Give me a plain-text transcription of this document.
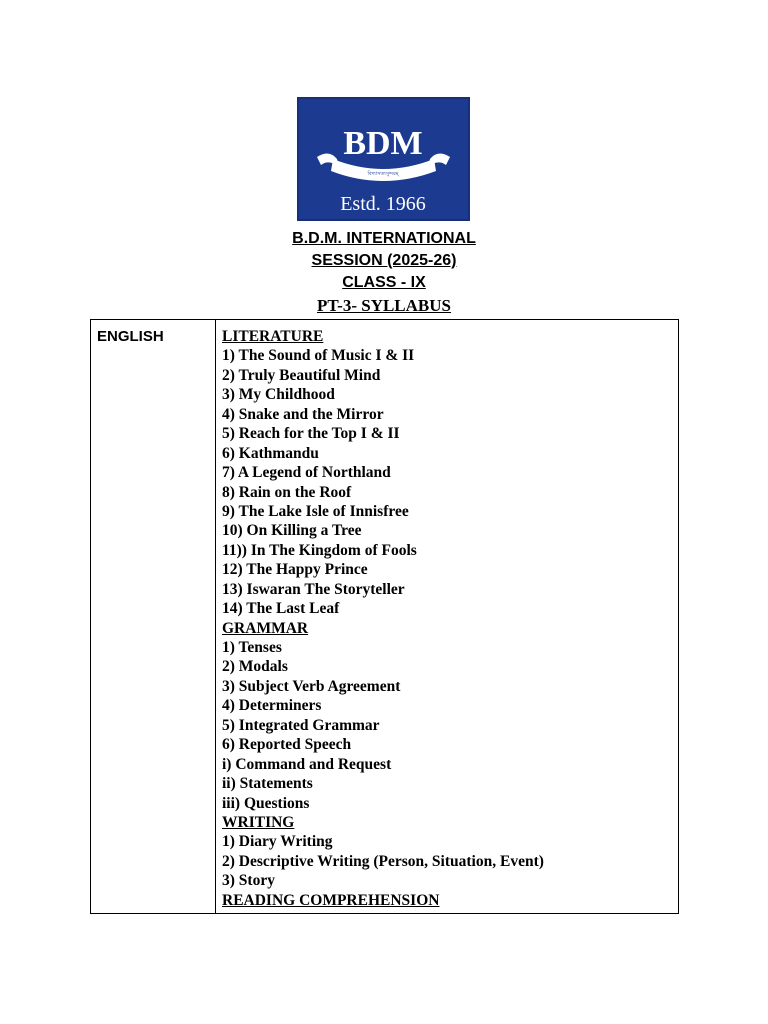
BDM
বিদ্যাসত্যসুন্দরম্
Estd. 1966
B.D.M. INTERNATIONAL
SESSION (2025-26)
CLASS - IX
PT-3- SYLLABUS
ENGLISH	LITERATURE
1) The Sound of Music I & II
2) Truly Beautiful Mind
3) My Childhood
4) Snake and the Mirror
5) Reach for the Top I & II
6) Kathmandu
7) A Legend of Northland
8) Rain on the Roof
9) The Lake Isle of Innisfree
10) On Killing a Tree
11)) In The Kingdom of Fools
12) The Happy Prince
13) Iswaran The Storyteller
14) The Last Leaf
GRAMMAR
1) Tenses
2) Modals
3) Subject Verb Agreement
4) Determiners
5) Integrated Grammar
6) Reported Speech
i) Command and Request
ii) Statements
iii) Questions
WRITING
1) Diary Writing
2) Descriptive Writing (Person, Situation, Event)
3) Story
READING COMPREHENSION
